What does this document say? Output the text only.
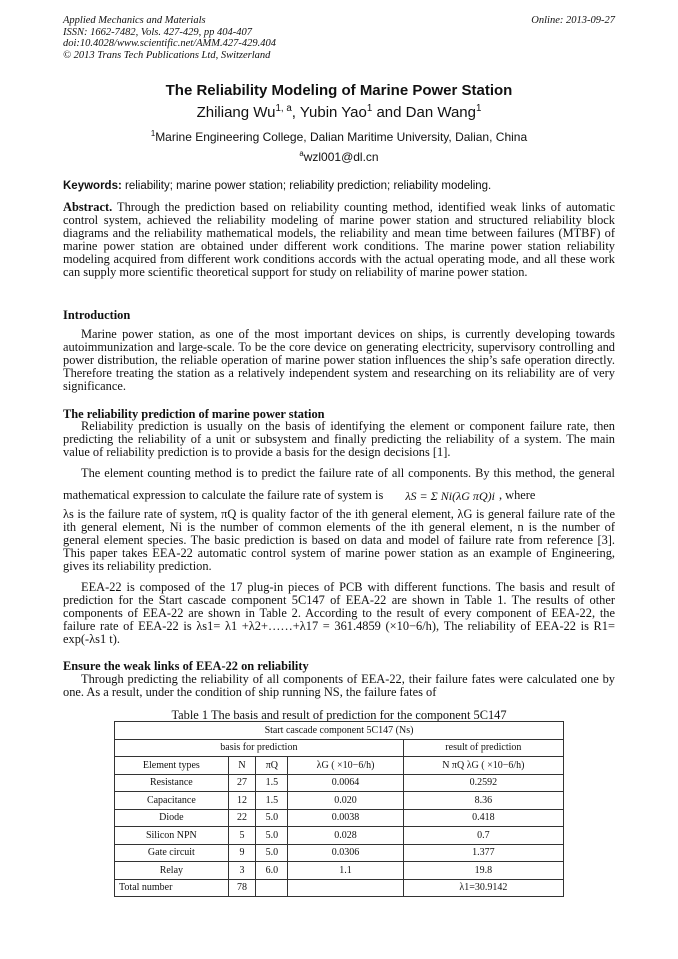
Applied Mechanics and Materials
ISSN: 1662-7482, Vols. 427-429, pp 404-407
doi:10.4028/www.scientific.net/AMM.427-429.404
© 2013 Trans Tech Publications Ltd, Switzerland
Online: 2013-09-27
The Reliability Modeling of Marine Power Station
Zhiliang Wu$^{1, a}$, Yubin Yao$^1$ and Dan Wang$^1$
$^1$Marine Engineering College, Dalian Maritime University, Dalian, China
$^a$wzl001@dl.cn
Keywords: reliability; marine power station; reliability prediction; reliability modeling.
Abstract. Through the prediction based on reliability counting method, identified weak links of automatic control system, achieved the reliability modeling of marine power station and structured reliability block diagrams and the reliability mathematical models, the reliability and mean time between failures (MTBF) of marine power station are obtained under different work conditions. The marine power station reliability modeling acquired from different work conditions accords with the actual operating mode, and all these work can supply more scientific theoretical support for study on reliability of marine power station.
Introduction
Marine power station, as one of the most important devices on ships, is currently developing towards autoimmunization and large-scale. To be the core device on generating electricity, supervisory controlling and power distribution, the reliable operation of marine power station influences the ship’s safe operation directly. Therefore treating the station as a relatively independent system and researching on its reliability are of very significance.
The reliability prediction of marine power station
Reliability prediction is usually on the basis of identifying the element or component failure rate, then predicting the reliability of a unit or subsystem and finally predicting the reliability of a system. The main value of reliability prediction is to provide a basis for the design decisions [1].
The element counting method is to predict the failure rate of all components. By this method, the general mathematical expression to calculate the failure rate of system is λS = Σ Ni(λG πQ)i , where
λs is the failure rate of system, πQ is quality factor of the ith general element, λG is general failure rate of the ith general element, Ni is the number of common elements of the ith general element, n is the number of general element species. The basic prediction is based on data and model of failure rate from reference [3]. This paper takes EEA-22 automatic control system of marine power station as an example of Engineering, gives its reliability prediction.
EEA-22 is composed of the 17 plug-in pieces of PCB with different functions. The basis and result of prediction for the Start cascade component 5C147 of EEA-22 are shown in Table 1. The results of other components of EEA-22 are shown in Table 2. According to the result of every component of EEA-22, the failure rate of EEA-22 is λs1= λ1 +λ2+……+λ17 = 361.4859 (×10−6/h), The reliability of EEA-22 is R1= exp(-λs1 t).
Ensure the weak links of EEA-22 on reliability
Through predicting the reliability of all components of EEA-22, their failure fates were calculated one by one. As a result, under the condition of ship running NS, the failure fates of
Table 1 The basis and result of prediction for the component 5C147
Start cascade component 5C147 (Ns)				
basis for prediction				result of prediction
Element types	N	πQ	λG ( ×10−6/h)	N πQ λG ( ×10−6/h)
Resistance	27	1.5	0.0064	0.2592
Capacitance	12	1.5	0.020	8.36
Diode	22	5.0	0.0038	0.418
Silicon NPN	5	5.0	0.028	0.7
Gate circuit	9	5.0	0.0306	1.377
Relay	3	6.0	1.1	19.8
Total number	78			λ1=30.9142
